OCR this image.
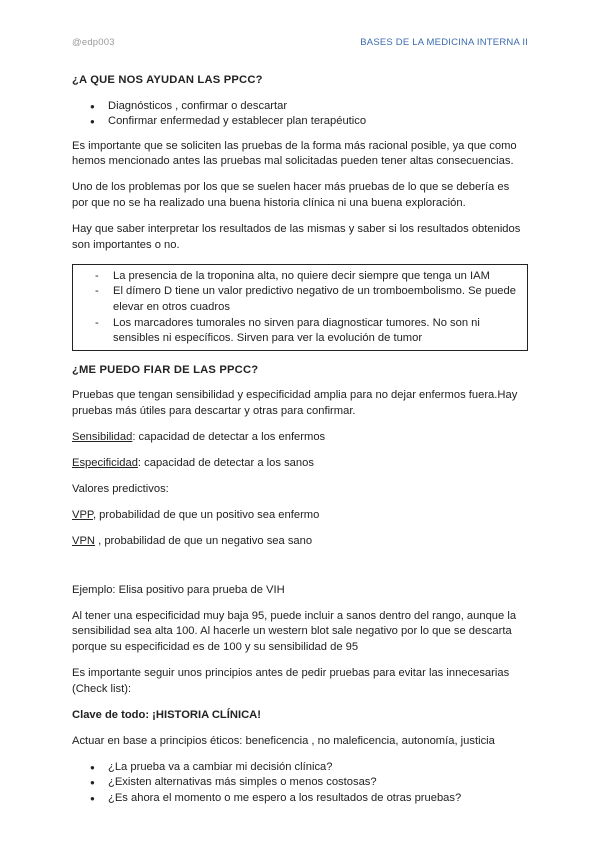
@edp003	BASES DE LA MEDICINA INTERNA II
¿A QUE NOS AYUDAN LAS PPCC?
● Diagnósticos , confirmar o descartar
● Confirmar enfermedad y establecer plan terapéutico

Es importante que se soliciten las pruebas de la forma más racional posible, ya que como hemos mencionado antes las pruebas mal solicitadas pueden tener altas consecuencias.

Uno de los problemas por los que se suelen hacer más pruebas de lo que se debería es por que no se ha realizado una buena historia clínica ni una buena exploración.

Hay que saber interpretar los resultados de las mismas y saber si los resultados obtenidos son importantes o no.

- La presencia de la troponina alta, no quiere decir siempre que tenga un IAM
- El dímero D tiene un valor predictivo negativo de un tromboembolismo. Se puede elevar en otros cuadros
- Los marcadores tumorales no sirven para diagnosticar tumores. No son ni sensibles ni específicos. Sirven para ver la evolución de tumor
¿ME PUEDO FIAR DE LAS PPCC?

Pruebas que tengan sensibilidad y especificidad amplia para no dejar enfermos fuera.Hay pruebas más útiles para descartar y otras para confirmar.

Sensibilidad: capacidad de detectar a los enfermos

Especificidad: capacidad de detectar a los sanos

Valores predictivos:

VPP, probabilidad de que un positivo sea enfermo

VPN , probabilidad de que un negativo sea sano

Ejemplo: Elisa positivo para prueba de VIH

Al tener una especificidad muy baja 95, puede incluir a sanos dentro del rango, aunque la sensibilidad sea alta 100. Al hacerle un western blot sale negativo por lo que se descarta porque su especificidad es de 100 y su sensibilidad de 95

Es importante seguir unos principios antes de pedir pruebas para evitar las innecesarias (Check list):

Clave de todo: ¡HISTORIA CLÍNICA!

Actuar en base a principios éticos: beneficencia , no maleficencia, autonomía, justicia

● ¿La prueba va a cambiar mi decisión clínica?
● ¿Existen alternativas más simples o menos costosas?
● ¿Es ahora el momento o me espero a los resultados de otras pruebas?
